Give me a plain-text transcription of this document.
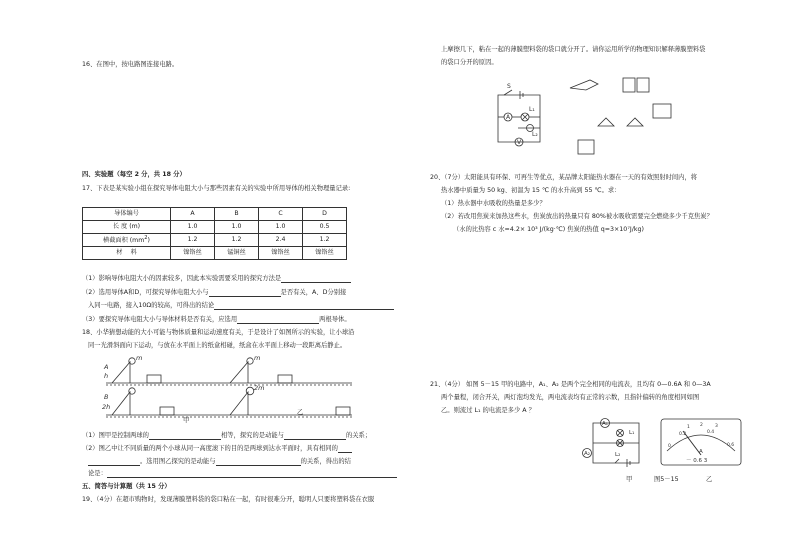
16、在图中，按电路图连接电路。
四、实验题（每空 2 分，共 18 分）
17、下表是某实验小组在探究导体电阻大小与那些因素有关的实验中所用导体的相关物理量记录:
导体编号	A	B	C	D
长 度 (m)	1.0	1.0	1.0	0.5
横截面积 $(mm^2)$	1.2	1.2	2.4	1.2
材　 料	镍铬丝	锰铜丝	镍铬丝	镍铬丝
（1）影响导体电阻大小的因素较多，因此本实验需要采用的探究方法是
（2）选用导体A和D，可探究导体电阻大小与	是否有关，A、D分别接
入同一电路，接入10Ω的较高，可得出的结论
（3）要探究导体电阻大小与导体材料是否有关，应选用	两根导体。
18、小华猜想动能的大小可能与物体质量和运动速度有关，于是设计了如图所示的实验，让小球沿
同一光滑斜面向下运动，与放在水平面上的纸盒相碰，纸盒在水平面上移动一段距离后静止。
m
A
h
m
2m
B
2h
甲
乙
（1）图甲是控制两球的	相等，探究的是动能与	的关系；
（2）图乙中让不同质量的两个小球从同一高度滚下的目的是两球到达水平面时，具有相同的
。选用图乙探究的是动能与	的关系，得出的结
论是：
五、简答与计算题（共 15 分）
19、（4分）在超市购物时，发现薄膜塑料袋的袋口粘在一起，有时很难分开，聪明人只要将塑料袋在衣服
上摩擦几下，粘在一起的薄膜塑料袋的袋口就分开了。请你运用所学的物理知识解释薄膜塑料袋
的袋口分开的原因。
S
A
V
L₁
L₂
20、（7分）太阳能具有环保、可再生等优点，某品牌太阳能热水器在一天的有效照射时间内，将
热水器中质量为 50 kg、初温为 15 ℃ 的水升高到 55 ℃。求：
（1）热水器中水吸收的热量是多少？
（2）若改用焦炭来加热这些水，焦炭放出的热量只有 80%被水吸收需要完全燃烧多少千克焦炭？
（水的比热容 c 水=4.2× 10³ J/(kg·℃) 焦炭的热值 q=3×10⁷J/kg)
21、（4分） 如图 5－15 甲的电路中，A₁、A₂ 是两个完全相同的电流表，且均有 0—0.6A 和 0—3A
两个量程，闭合开关，两灯泡均发光，两电流表均有正常的示数，且指针偏转的角度相同如图
乙。则流过 L₁ 的电流是多少 A ？
A₁
A₂
L₁
L₂
0
0.2	0.4
0.6
1 2	3
A
－ 0.6 3
甲	图5－15	乙
